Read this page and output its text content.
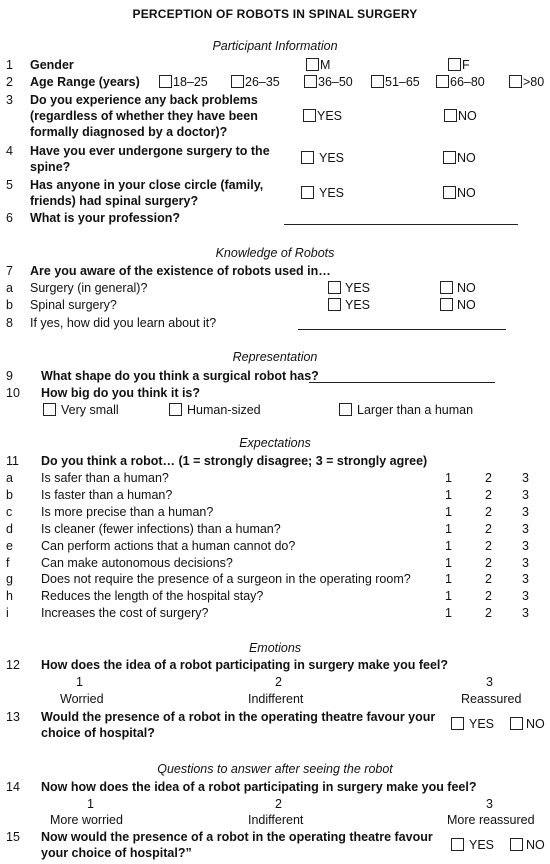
PERCEPTION OF ROBOTS IN SPINAL SURGERY
Participant Information
1 Gender	M	F
2 Age Range (years)	18–25	26–35	36–50	51–65 66–80	>80
3 Do you experience any back problems
(regardless of whether they have been
formally diagnosed by a doctor)?
YES	NO
4 Have you ever undergone surgery to the
spine?
YES	NO
5 Has anyone in your close circle (family,
friends) had spinal surgery?
YES	NO
6 What is your profession?
Knowledge of Robots
7 Are you aware of the existence of robots used in…
a Surgery (in general)?	YES	NO
b Spinal surgery?	YES	NO
8 If yes, how did you learn about it?
Representation
9 What shape do you think a surgical robot has?
10 How big do you think it is?
Very small	Human-sized	Larger than a human
Expectations
11 Do you think a robot… (1 = strongly disagree; 3 = strongly agree)
a Is safer than a human?	1	2 3
b Is faster than a human?	1	2 3
c Is more precise than a human?	1	2 3
d Is cleaner (fewer infections) than a human?	1	2 3
e Can perform actions that a human cannot do?	1	2 3
f	Can make autonomous decisions?	1	2 3
g Does not require the presence of a surgeon in the operating room?	1	2 3
h Reduces the length of the hospital stay?	1	2 3
i	Increases the cost of surgery?	1	2 3
Emotions
12 How does the idea of a robot participating in surgery make you feel?
1	2	3
Worried	Indifferent	Reassured
13 Would the presence of a robot in the operating theatre favour your
choice of hospital?
YES	NO
Questions to answer after seeing the robot
14 Now how does the idea of a robot participating in surgery make you feel?
1	2	3
More worried	Indifferent	More reassured
15 Now would the presence of a robot in the operating theatre favour
your choice of hospital?”
YES	NO
